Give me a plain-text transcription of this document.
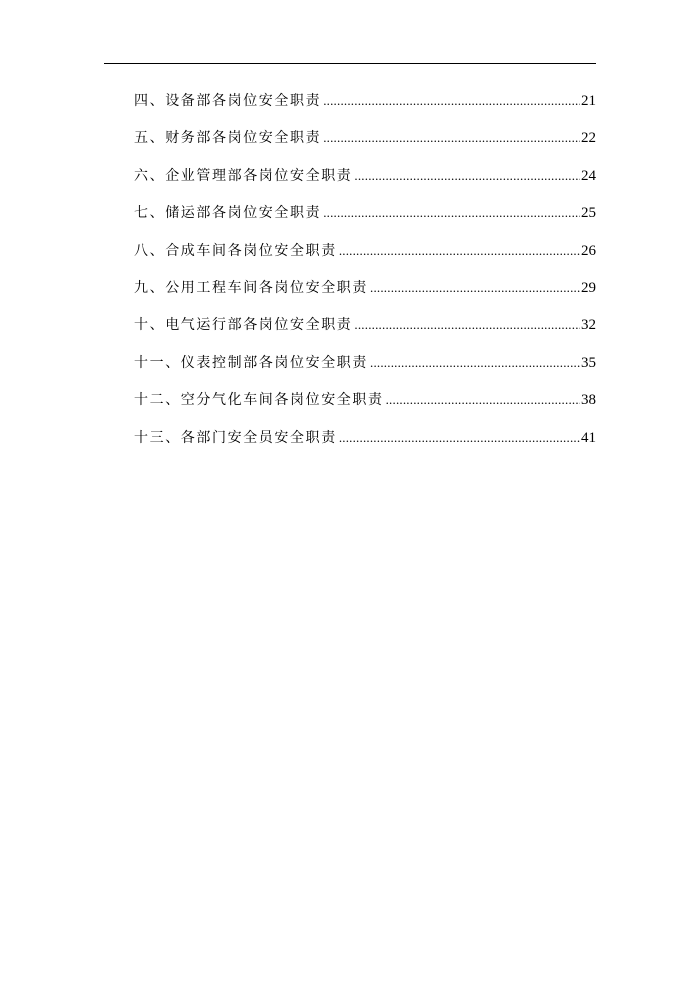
四、设备部各岗位安全职责 .....	21
五、财务部各岗位安全职责 .....	22
六、企业管理部各岗位安全职责 .....	24
七、储运部各岗位安全职责 .....	25
八、合成车间各岗位安全职责 .....	26
九、公用工程车间各岗位安全职责 .....	29
十、电气运行部各岗位安全职责 .....	32
十一、仪表控制部各岗位安全职责 .....	35
十二、空分气化车间各岗位安全职责 .....	38
十三、各部门安全员安全职责 .....	41
